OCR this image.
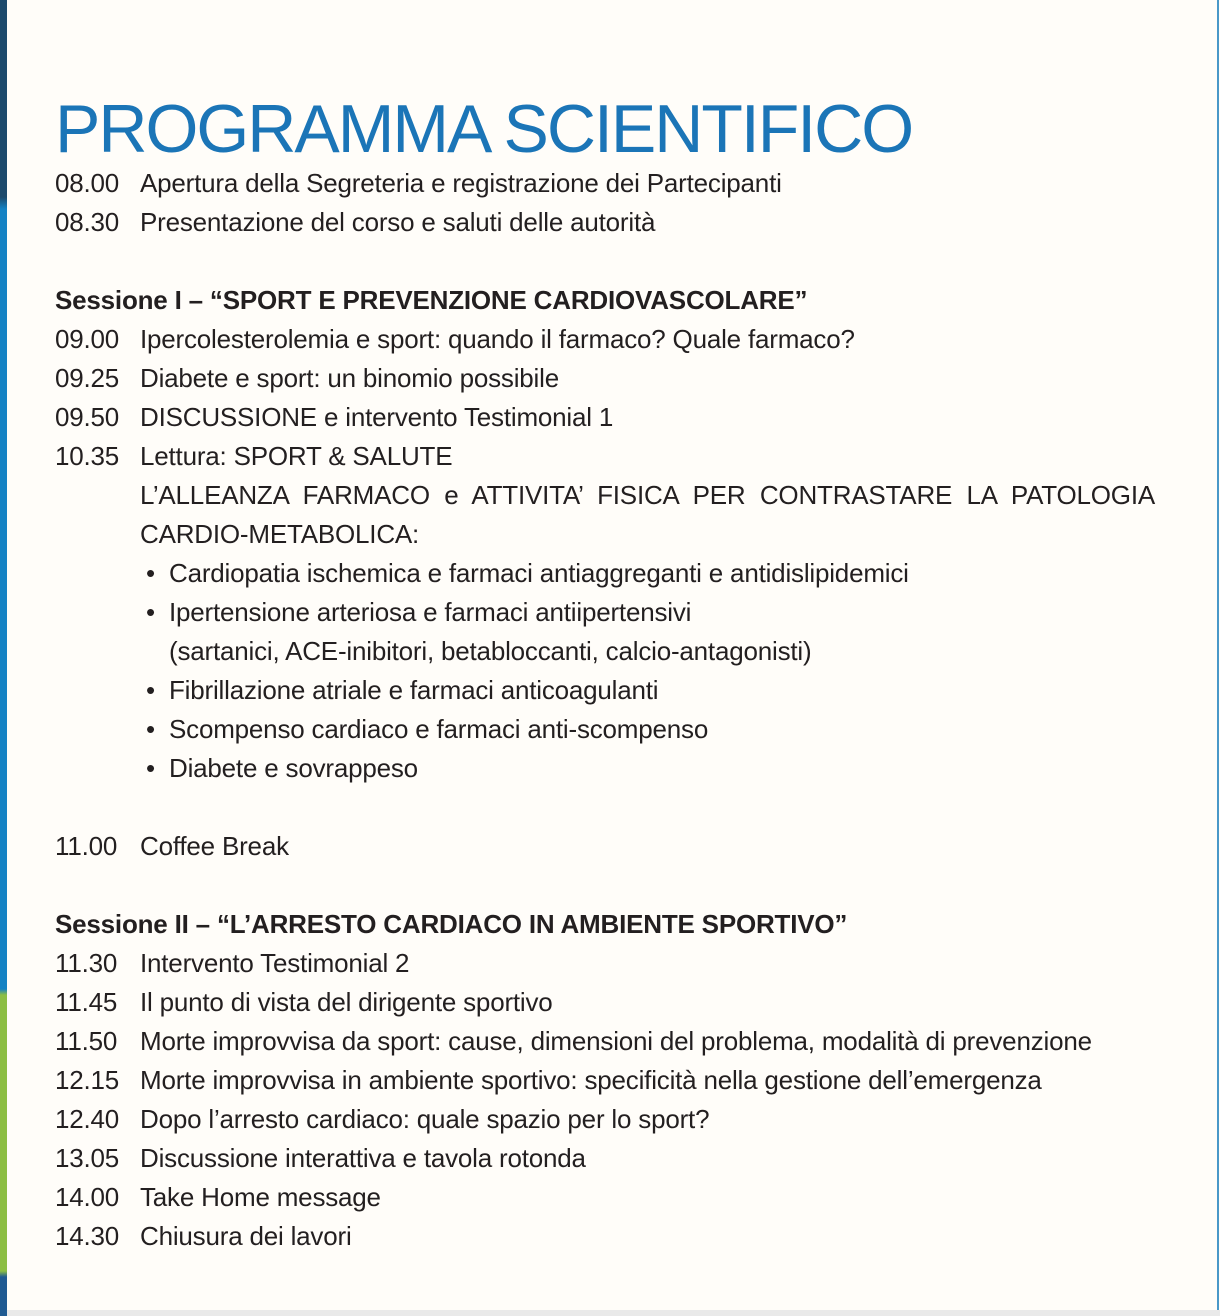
PROGRAMMA SCIENTIFICO
08.00 Apertura della Segreteria e registrazione dei Partecipanti
08.30 Presentazione del corso e saluti delle autorità
Sessione I – “SPORT E PREVENZIONE CARDIOVASCOLARE”
09.00 Ipercolesterolemia e sport: quando il farmaco? Quale farmaco?
09.25 Diabete e sport: un binomio possibile
09.50 DISCUSSIONE e intervento Testimonial 1
10.35 Lettura: SPORT & SALUTE
L’ALLEANZA FARMACO e ATTIVITA’ FISICA PER CONTRASTARE LA PATOLOGIA
CARDIO-METABOLICA:
• Cardiopatia ischemica e farmaci antiaggreganti e antidislipidemici
• Ipertensione arteriosa e farmaci antiipertensivi
(sartanici, ACE-inibitori, betabloccanti, calcio-antagonisti)
• Fibrillazione atriale e farmaci anticoagulanti
• Scompenso cardiaco e farmaci anti-scompenso
• Diabete e sovrappeso
11.00 Coffee Break
Sessione II – “L’ARRESTO CARDIACO IN AMBIENTE SPORTIVO”
11.30 Intervento Testimonial 2
11.45 Il punto di vista del dirigente sportivo
11.50 Morte improvvisa da sport: cause, dimensioni del problema, modalità di prevenzione
12.15 Morte improvvisa in ambiente sportivo: specificità nella gestione dell’emergenza
12.40 Dopo l’arresto cardiaco: quale spazio per lo sport?
13.05 Discussione interattiva e tavola rotonda
14.00 Take Home message
14.30 Chiusura dei lavori
